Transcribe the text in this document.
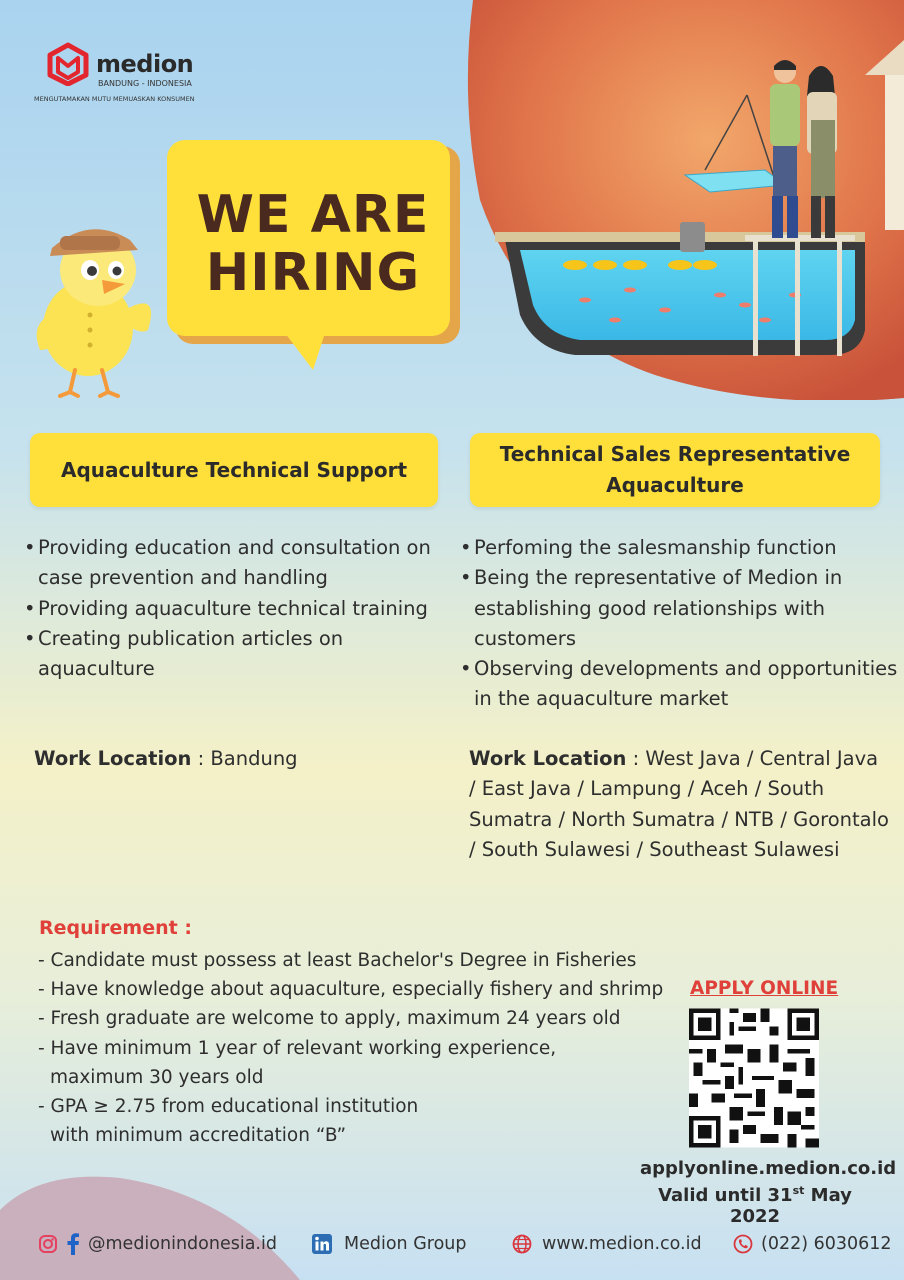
medion
BANDUNG - INDONESIA
MENGUTAMAKAN MUTU MEMUASKAN KONSUMEN
WE ARE
HIRING
Aquaculture Technical Support
• Providing education and consultation on case prevention and handling
• Providing aquaculture technical training
• Creating publication articles on aquaculture
Work Location : Bandung
Technical Sales Representative
Aquaculture
• Perfoming the salesmanship function
• Being the representative of Medion in establishing good relationships with customers
• Observing developments and opportunities in the aquaculture market
Work Location : West Java / Central Java / East Java / Lampung / Aceh / South Sumatra / North Sumatra / NTB / Gorontalo / South Sulawesi / Southeast Sulawesi
Requirement :
- Candidate must possess at least Bachelor's Degree in Fisheries
- Have knowledge about aquaculture, especially fishery and shrimp
- Fresh graduate are welcome to apply, maximum 24 years old
- Have minimum 1 year of relevant working experience, maximum 30 years old
- GPA ≥ 2.75 from educational institution with minimum accreditation “B”
APPLY ONLINE
applyonline.medion.co.id
Valid until 31st May 2022
@medionindonesia.id	Medion Group	www.medion.co.id	(022) 6030612
